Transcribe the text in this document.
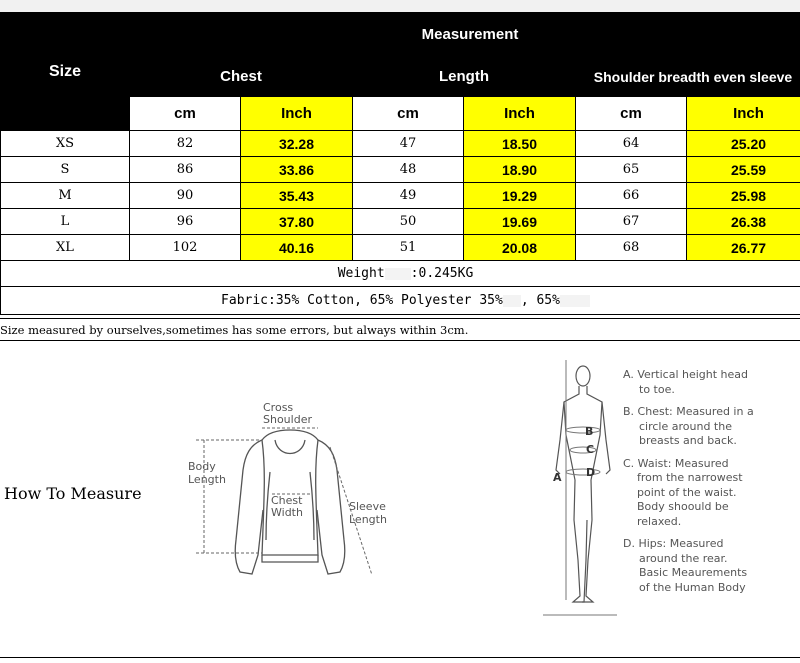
Size	Measurement					
	Chest		Length		Shoulder breadth even sleeve	
	cm	Inch	cm	Inch	cm	Inch
XS	82	32.28	47	18.50	64	25.20
S	86	33.86	48	18.90	65	25.59
M	90	35.43	49	19.29	66	25.98
L	96	37.80	50	19.69	67	26.38
XL	102	40.16	51	20.08	68	26.77
Weight :0.245KG						
Fabric:35% Cotton, 65% Polyester 35% , 65%						
Size measured by ourselves,sometimes has some errors, but always within 3cm.
How To Measure
Cross
Shoulder
Body
Length
Chest
Width	Sleeve
Length
A
B
C
D

A. Vertical height head
to toe.

B. Chest: Measured in a
circle around the
breasts and back.

C. Waist: Measured
from the narrowest
point of the waist.
Body shoould be
relaxed.

D. Hips: Measured
around the rear.
Basic Meaurements
of the Human Body
